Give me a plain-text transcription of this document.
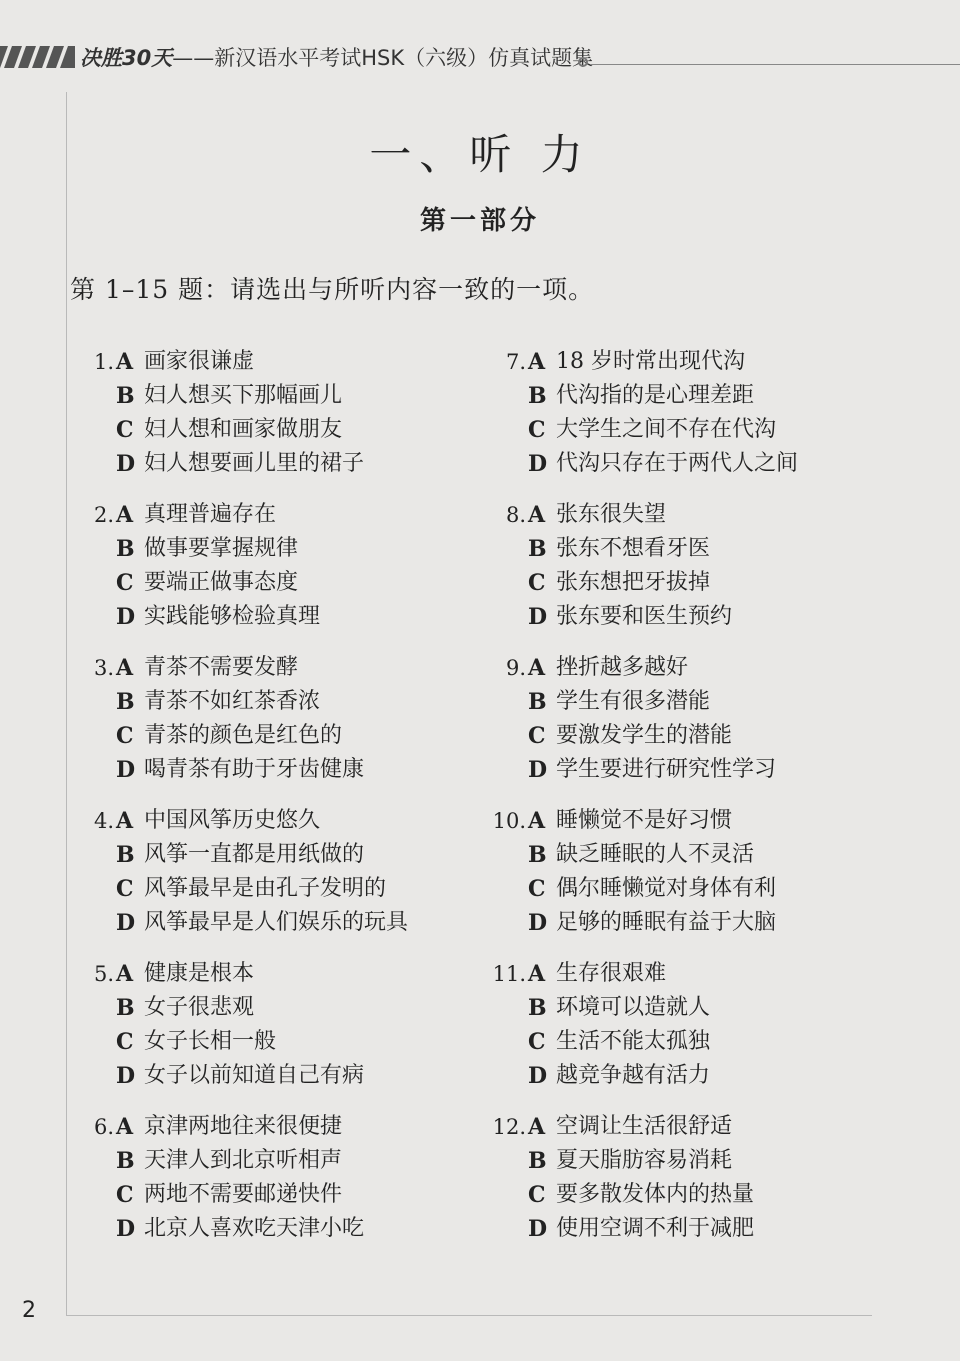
决胜30天——新汉语水平考试HSK（六级）仿真试题集
一、听 力
第一部分
第 1–15 题：请选出与所听内容一致的一项。
1. A 画家很谦虚
B 妇人想买下那幅画儿
C 妇人想和画家做朋友
D 妇人想要画儿里的裙子
2. A 真理普遍存在
B 做事要掌握规律
C 要端正做事态度
D 实践能够检验真理
3. A 青茶不需要发酵
B 青茶不如红茶香浓
C 青茶的颜色是红色的
D 喝青茶有助于牙齿健康
4. A 中国风筝历史悠久
B 风筝一直都是用纸做的
C 风筝最早是由孔子发明的
D 风筝最早是人们娱乐的玩具
5. A 健康是根本
B 女子很悲观
C 女子长相一般
D 女子以前知道自己有病
6. A 京津两地往来很便捷
B 天津人到北京听相声
C 两地不需要邮递快件
D 北京人喜欢吃天津小吃
7. A 18 岁时常出现代沟
B 代沟指的是心理差距
C 大学生之间不存在代沟
D 代沟只存在于两代人之间
8. A 张东很失望
B 张东不想看牙医
C 张东想把牙拔掉
D 张东要和医生预约
9. A 挫折越多越好
B 学生有很多潜能
C 要激发学生的潜能
D 学生要进行研究性学习
10. A 睡懒觉不是好习惯
B 缺乏睡眠的人不灵活
C 偶尔睡懒觉对身体有利
D 足够的睡眠有益于大脑
11. A 生存很艰难
B 环境可以造就人
C 生活不能太孤独
D 越竞争越有活力
12. A 空调让生活很舒适
B 夏天脂肪容易消耗
C 要多散发体内的热量
D 使用空调不利于减肥
2
